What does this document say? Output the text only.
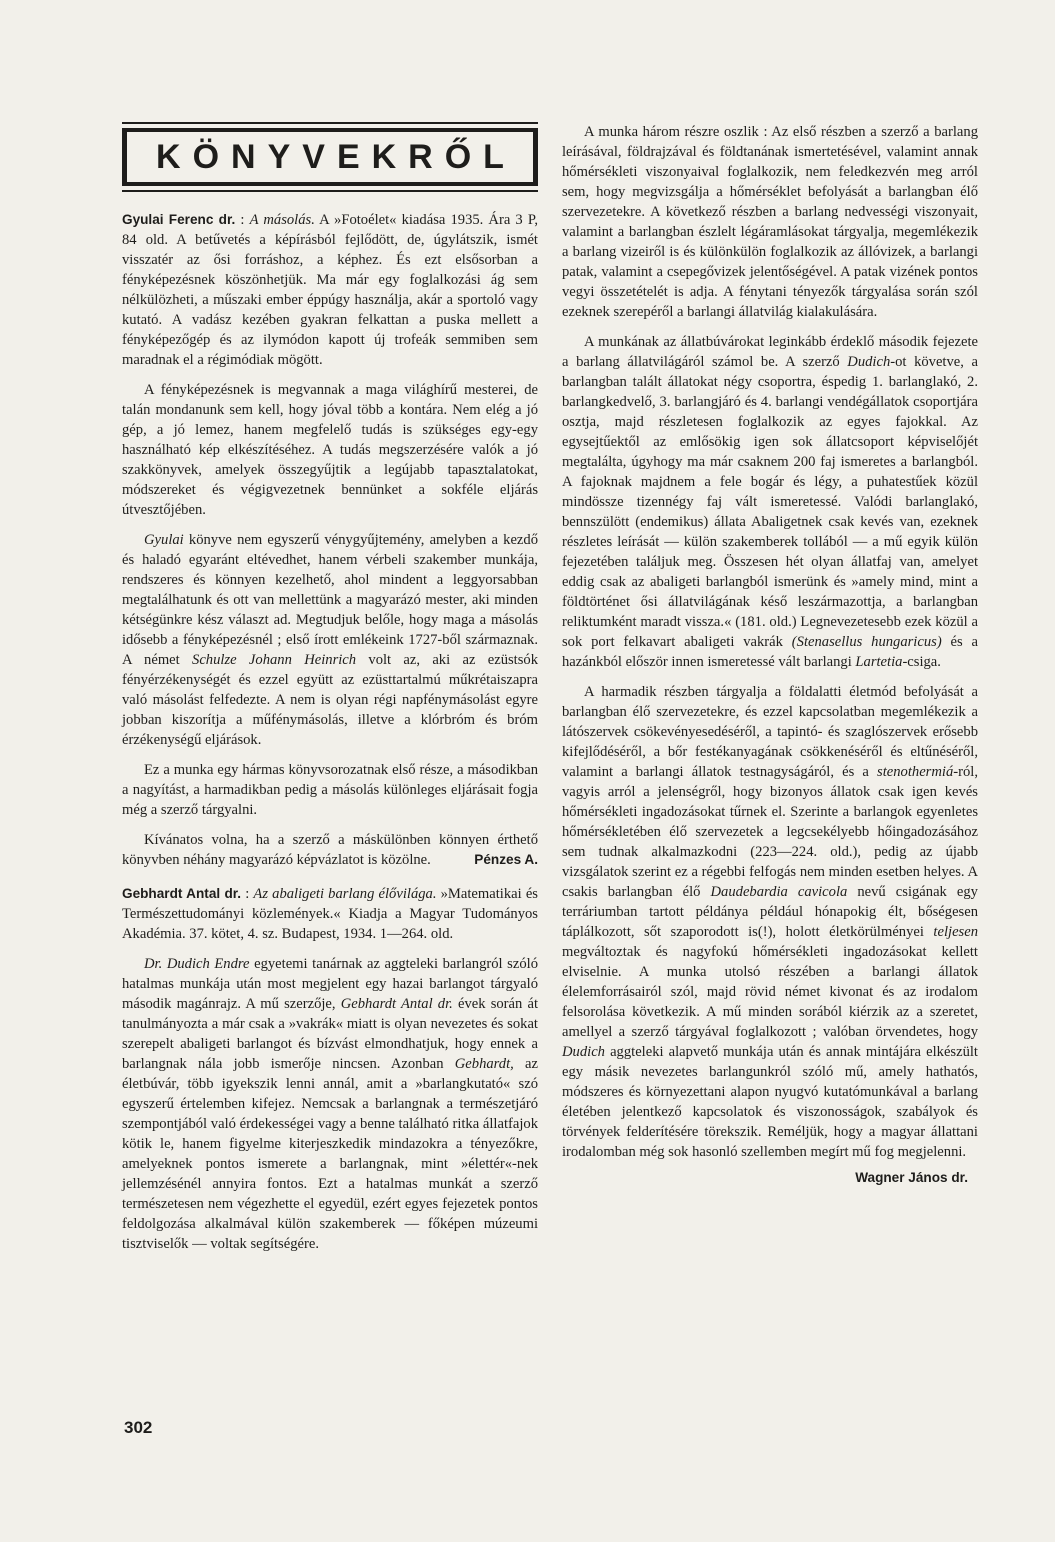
KÖNYVEKRŐL

Gyulai Ferenc dr. : A másolás. A »Fotoélet« kiadása 1935. Ára 3 P, 84 old. A betűvetés a képírásból fejlődött, de, úgylátszik, ismét visszatér az ősi forráshoz, a képhez. És ezt elsősorban a fényképezésnek köszönhetjük. Ma már egy foglalkozási ág sem nélkülözheti, a műszaki ember éppúgy használja, akár a sportoló vagy kutató. A vadász kezében gyakran felkattan a puska mellett a fényképezőgép és az ilymódon kapott új trofeák semmiben sem maradnak el a régimódiak mögött.

A fényképezésnek is megvannak a maga világhírű mesterei, de talán mondanunk sem kell, hogy jóval több a kontára. Nem elég a jó gép, a jó lemez, hanem megfelelő tudás is szükséges egy-egy használható kép elkészítéséhez. A tudás megszerzésére valók a jó szakkönyvek, amelyek összegyűjtik a legújabb tapasztalatokat, módszereket és végigvezetnek bennünket a sokféle eljárás útvesztőjében.

Gyulai könyve nem egyszerű vénygyűjtemény, amelyben a kezdő és haladó egyaránt eltévedhet, hanem vérbeli szakember munkája, rendszeres és könnyen kezelhető, ahol mindent a leggyorsabban megtalálhatunk és ott van mellettünk a magyarázó mester, aki minden kétségünkre kész választ ad. Megtudjuk belőle, hogy maga a másolás idősebb a fényképezésnél ; első írott emlékeink 1727-ből származnak. A német Schulze Johann Heinrich volt az, aki az ezüstsók fényérzékenységét és ezzel együtt az ezüsttartalmú műkrétaiszapra való másolást felfedezte. A nem is olyan régi napfénymásolást egyre jobban kiszorítja a műfénymásolás, illetve a klórbróm és bróm érzékenységű eljárások.

Ez a munka egy hármas könyvsorozatnak első része, a másodikban a nagyítást, a harmadikban pedig a másolás különleges eljárásait fogja még a szerző tárgyalni.

Kívánatos volna, ha a szerző a máskülönben könnyen érthető könyvben néhány magyarázó képvázlatot is közölne.	Pénzes A.

Gebhardt Antal dr. : Az abaligeti barlang élővilága. »Matematikai és Természettudományi közlemények.« Kiadja a Magyar Tudományos Akadémia. 37. kötet, 4. sz. Budapest, 1934. 1—264. old.

Dr. Dudich Endre egyetemi tanárnak az aggteleki barlangról szóló hatalmas munkája után most megjelent egy hazai barlangot tárgyaló második magánrajz. A mű szerzője, Gebhardt Antal dr. évek során át tanulmányozta a már csak a »vakrák« miatt is olyan nevezetes és sokat szerepelt abaligeti barlangot és bízvást elmondhatjuk, hogy ennek a barlangnak nála jobb ismerője nincsen. Azonban Gebhardt, az életbúvár, több igyekszik lenni annál, amit a »barlangkutató« szó egyszerű értelemben kifejez. Nemcsak a barlangnak a természetjáró szempontjából való érdekességei vagy a benne található ritka állatfajok kötik le, hanem figyelme kiterjeszkedik mindazokra a tényezőkre, amelyeknek pontos ismerete a barlangnak, mint »élettér«-nek jellemzésénél annyira fontos. Ezt a hatalmas munkát a szerző természetesen nem végezhette el egyedül, ezért egyes fejezetek pontos feldolgozása alkalmával külön szakemberek — főképen múzeumi tisztviselők — voltak segítségére.

A munka három részre oszlik : Az első részben a szerző a barlang leírásával, földrajzával és földtanának ismertetésével, valamint annak hőmérsékleti viszonyaival foglalkozik, nem feledkezvén meg arról sem, hogy megvizsgálja a hőmérséklet befolyását a barlangban élő szervezetekre. A következő részben a barlang nedvességi viszonyait, valamint a barlangban észlelt légáramlásokat tárgyalja, megemlékezik a barlang vizeiről is és különkülön foglalkozik az állóvizek, a barlangi patak, valamint a csepegővizek jelentőségével. A patak vizének pontos vegyi összetételét is adja. A fénytani tényezők tárgyalása során szól ezeknek szerepéről a barlangi állatvilág kialakulására.

A munkának az állatbúvárokat leginkább érdeklő második fejezete a barlang állatvilágáról számol be. A szerző Dudich-ot követve, a barlangban talált állatokat négy csoportra, éspedig 1. barlanglakó, 2. barlangkedvelő, 3. barlangjáró és 4. barlangi vendégállatok csoportjára osztja, majd részletesen foglalkozik az egyes fajokkal. Az egysejtűektől az emlősökig igen sok állatcsoport képviselőjét megtalálta, úgyhogy ma már csaknem 200 faj ismeretes a barlangból. A fajoknak majdnem a fele bogár és légy, a puhatestűek közül mindössze tizennégy faj vált ismeretessé. Valódi barlanglakó, bennszülött (endemikus) állata Abaligetnek csak kevés van, ezeknek részletes leírását — külön szakemberek tollából — a mű egyik külön fejezetében találjuk meg. Összesen hét olyan állatfaj van, amelyet eddig csak az abaligeti barlangból ismerünk és »amely mind, mint a földtörténet ősi állatvilágának késő leszármazottja, a barlangban reliktumként maradt vissza.« (181. old.) Legnevezetesebb ezek közül a sok port felkavart abaligeti vakrák (Stenasellus hungaricus) és a hazánkból először innen ismeretessé vált barlangi Lartetia-csiga.

A harmadik részben tárgyalja a földalatti életmód befolyását a barlangban élő szervezetekre, és ezzel kapcsolatban megemlékezik a látószervek csökevényesedéséről, a tapintó- és szaglószervek erősebb kifejlődéséről, a bőr festékanyagának csökkenéséről és eltűnéséről, valamint a barlangi állatok testnagyságáról, és a stenothermiá-ról, vagyis arról a jelenségről, hogy bizonyos állatok csak igen kevés hőmérsékleti ingadozásokat tűrnek el. Szerinte a barlangok egyenletes hőmérsékletében élő szervezetek a legcsekélyebb hőingadozásához sem tudnak alkalmazkodni (223—224. old.), pedig az újabb vizsgálatok szerint ez a régebbi felfogás nem minden esetben helyes. A csakis barlangban élő Daudebardia cavicola nevű csigának egy terráriumban tartott példánya például hónapokig élt, bőségesen táplálkozott, sőt szaporodott is(!), holott életkörülményei teljesen megváltoztak és nagyfokú hőmérsékleti ingadozásokat kellett elviselnie. A munka utolsó részében a barlangi állatok élelemforrásairól szól, majd rövid német kivonat és az irodalom felsorolása következik. A mű minden sorából kiérzik az a szeretet, amellyel a szerző tárgyával foglalkozott ; valóban örvendetes, hogy Dudich aggteleki alapvető munkája után és annak mintájára elkészült egy másik nevezetes barlangunkról szóló mű, amely hathatós, módszeres és környezettani alapon nyugvó kutatómunkával a barlang életében jelentkező kapcsolatok és viszonosságok, szabályok és törvények felderítésére törekszik. Reméljük, hogy a magyar állattani irodalomban még sok hasonló szellemben megírt mű fog megjelenni.

Wagner János dr.
302
